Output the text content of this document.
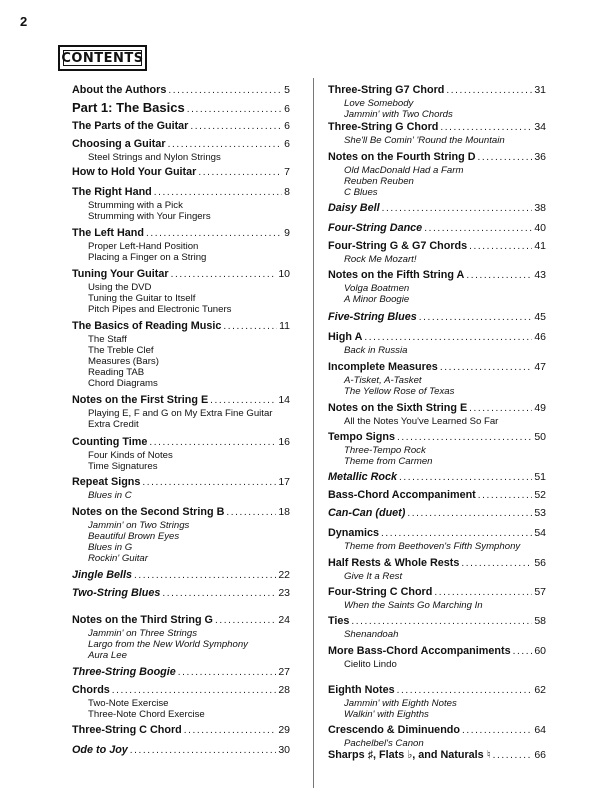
2
CONTENTS
About the Authors .....	5
Part 1: The Basics .....	6
The Parts of the Guitar .....	6
Choosing a Guitar .....	6
Steel Strings and Nylon Strings
How to Hold Your Guitar .....	7
The Right Hand .....	8
Strumming with a Pick
Strumming with Your Fingers
The Left Hand .....	9
Proper Left-Hand Position
Placing a Finger on a String
Tuning Your Guitar .....	10
Using the DVD
Tuning the Guitar to Itself
Pitch Pipes and Electronic Tuners
The Basics of Reading Music .....	11
The Staff
The Treble Clef
Measures (Bars)
Reading TAB
Chord Diagrams
Notes on the First String E .....	14
Playing E, F and G on My Extra Fine Guitar
Extra Credit
Counting Time .....	16
Four Kinds of Notes
Time Signatures
Repeat Signs .....	17
Blues in C
Notes on the Second String B .....	18
Jammin' on Two Strings
Beautiful Brown Eyes
Blues in G
Rockin' Guitar
Jingle Bells .....	22
Two-String Blues .....	23
Notes on the Third String G .....	24
Jammin' on Three Strings
Largo from the New World Symphony
Aura Lee
Three-String Boogie .....	27
Chords .....	28
Two-Note Exercise
Three-Note Chord Exercise
Three-String C Chord .....	29
Ode to Joy .....	30
Three-String G7 Chord .....	31
Love Somebody
Jammin' with Two Chords
Three-String G Chord .....	34
She'll Be Comin' 'Round the Mountain
Notes on the Fourth String D .....	36
Old MacDonald Had a Farm
Reuben Reuben
C Blues
Daisy Bell .....	38
Four-String Dance .....	40
Four-String G & G7 Chords .....	41
Rock Me Mozart!
Notes on the Fifth String A .....	43
Volga Boatmen
A Minor Boogie
Five-String Blues .....	45
High A .....	46
Back in Russia
Incomplete Measures .....	47
A-Tisket, A-Tasket
The Yellow Rose of Texas
Notes on the Sixth String E .....	49
All the Notes You've Learned So Far
Tempo Signs .....	50
Three-Tempo Rock
Theme from Carmen
Metallic Rock .....	51
Bass-Chord Accompaniment .....	52
Can-Can (duet) .....	53
Dynamics .....	54
Theme from Beethoven's Fifth Symphony
Half Rests & Whole Rests .....	56
Give It a Rest
Four-String C Chord .....	57
When the Saints Go Marching In
Ties .....	58
Shenandoah
More Bass-Chord Accompaniments ..... 60
Cielito Lindo
Eighth Notes .....	62
Jammin' with Eighth Notes
Walkin' with Eighths
Crescendo & Diminuendo .....	64
Pachelbel's Canon
Sharps ♯, Flats ♭, and Naturals ♮ .....	66
